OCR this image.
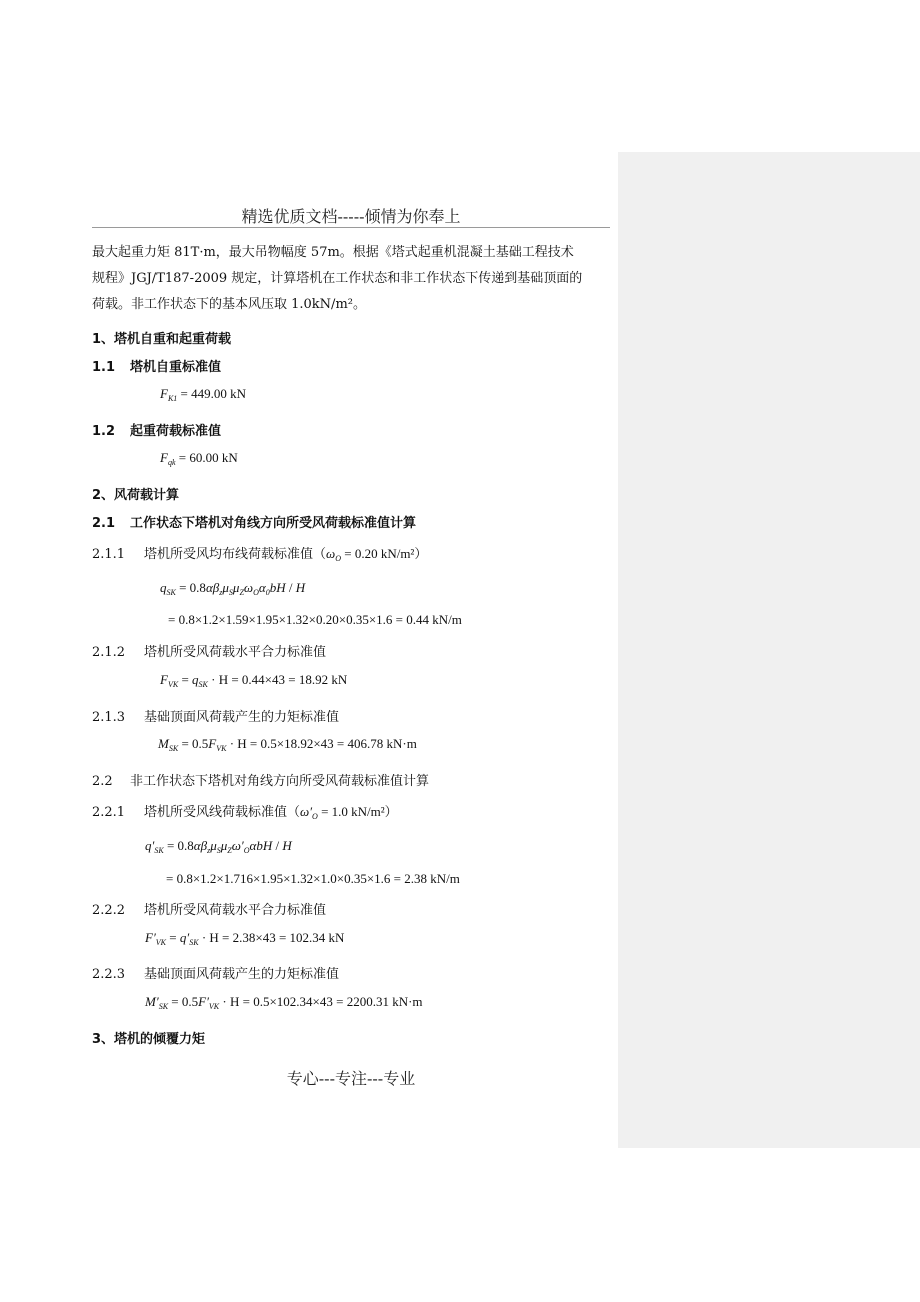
精选优质文档-----倾情为你奉上
最大起重力矩 81T·m，最大吊物幅度 57m。根据《塔式起重机混凝土基础工程技术
规程》JGJ/T187-2009 规定，计算塔机在工作状态和非工作状态下传递到基础顶面的
荷载。非工作状态下的基本风压取 1.0kN/m²。
1、塔机自重和起重荷载
1.1 塔机自重标准值
$F_{K1} = 449.00$ kN
1.2 起重荷载标准值
$F_{qk} = 60.00$ kN
2、风荷载计算
2.1 工作状态下塔机对角线方向所受风荷载标准值计算
2.1.1 塔机所受风均布线荷载标准值（$\omega_O = 0.20$ kN/m²）
$q_{SK} = 0.8\alpha\beta_z\mu_S\mu_Z\omega_O\alpha_0bH / H$
= 0.8×1.2×1.59×1.95×1.32×0.20×0.35×1.6 = 0.44 kN/m
2.1.2 塔机所受风荷载水平合力标准值
$F_{VK} = q_{SK} \cdot H = 0.44\times 43 = 18.92$ kN
2.1.3 基础顶面风荷载产生的力矩标准值
$M_{SK} = 0.5F_{VK} \cdot H = 0.5\times 18.92\times 43 = 406.78$ kN·m
2.2 非工作状态下塔机对角线方向所受风荷载标准值计算
2.2.1 塔机所受风线荷载标准值（$\omega'_O = 1.0$ kN/m²）
$q'_{SK} = 0.8\alpha\beta_z\mu_S\mu_Z\omega'_O\alpha bH / H$
= 0.8×1.2×1.716×1.95×1.32×1.0×0.35×1.6 = 2.38 kN/m
2.2.2 塔机所受风荷载水平合力标准值
$F'_{VK} = q'_{SK} \cdot H = 2.38\times 43 = 102.34$ kN
2.2.3 基础顶面风荷载产生的力矩标准值
$M'_{SK} = 0.5F'_{VK} \cdot H = 0.5\times 102.34\times 43 = 2200.31$ kN·m
3、塔机的倾覆力矩
专心---专注---专业
